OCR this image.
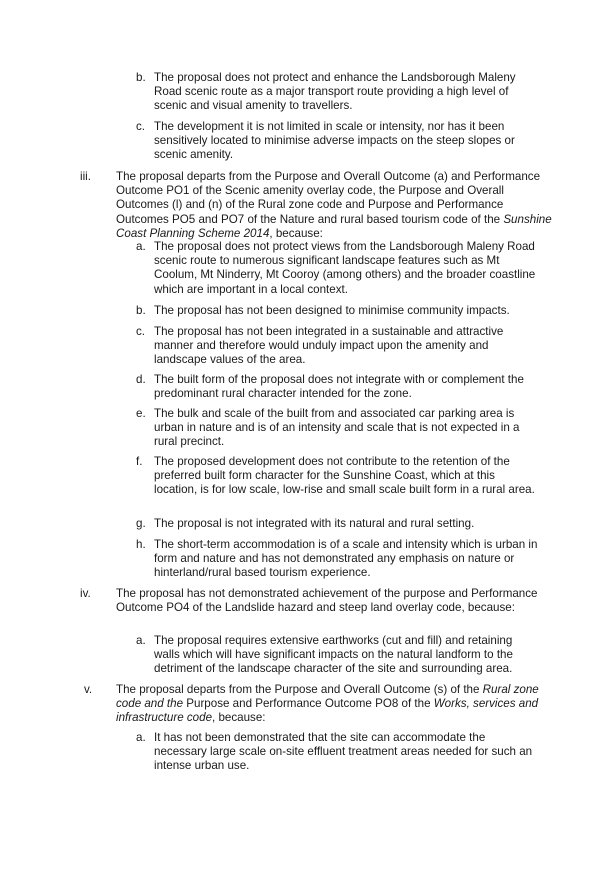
b. The proposal does not protect and enhance the Landsborough Maleny Road scenic route as a major transport route providing a high level of scenic and visual amenity to travellers.
c. The development it is not limited in scale or intensity, nor has it been sensitively located to minimise adverse impacts on the steep slopes or scenic amenity.
iii. The proposal departs from the Purpose and Overall Outcome (a) and Performance Outcome PO1 of the Scenic amenity overlay code, the Purpose and Overall Outcomes (l) and (n) of the Rural zone code and Purpose and Performance Outcomes PO5 and PO7 of the Nature and rural based tourism code of the Sunshine Coast Planning Scheme 2014, because:
a. The proposal does not protect views from the Landsborough Maleny Road scenic route to numerous significant landscape features such as Mt Coolum, Mt Ninderry, Mt Cooroy (among others) and the broader coastline which are important in a local context.
b. The proposal has not been designed to minimise community impacts.
c. The proposal has not been integrated in a sustainable and attractive manner and therefore would unduly impact upon the amenity and landscape values of the area.
d. The built form of the proposal does not integrate with or complement the predominant rural character intended for the zone.
e. The bulk and scale of the built from and associated car parking area is urban in nature and is of an intensity and scale that is not expected in a rural precinct.
f. The proposed development does not contribute to the retention of the preferred built form character for the Sunshine Coast, which at this location, is for low scale, low-rise and small scale built form in a rural area.
g. The proposal is not integrated with its natural and rural setting.
h. The short-term accommodation is of a scale and intensity which is urban in form and nature and has not demonstrated any emphasis on nature or hinterland/rural based tourism experience.
iv. The proposal has not demonstrated achievement of the purpose and Performance Outcome PO4 of the Landslide hazard and steep land overlay code, because:
a. The proposal requires extensive earthworks (cut and fill) and retaining walls which will have significant impacts on the natural landform to the detriment of the landscape character of the site and surrounding area.
v. The proposal departs from the Purpose and Overall Outcome (s) of the Rural zone code and the Purpose and Performance Outcome PO8 of the Works, services and infrastructure code, because:
a. It has not been demonstrated that the site can accommodate the necessary large scale on-site effluent treatment areas needed for such an intense urban use.
